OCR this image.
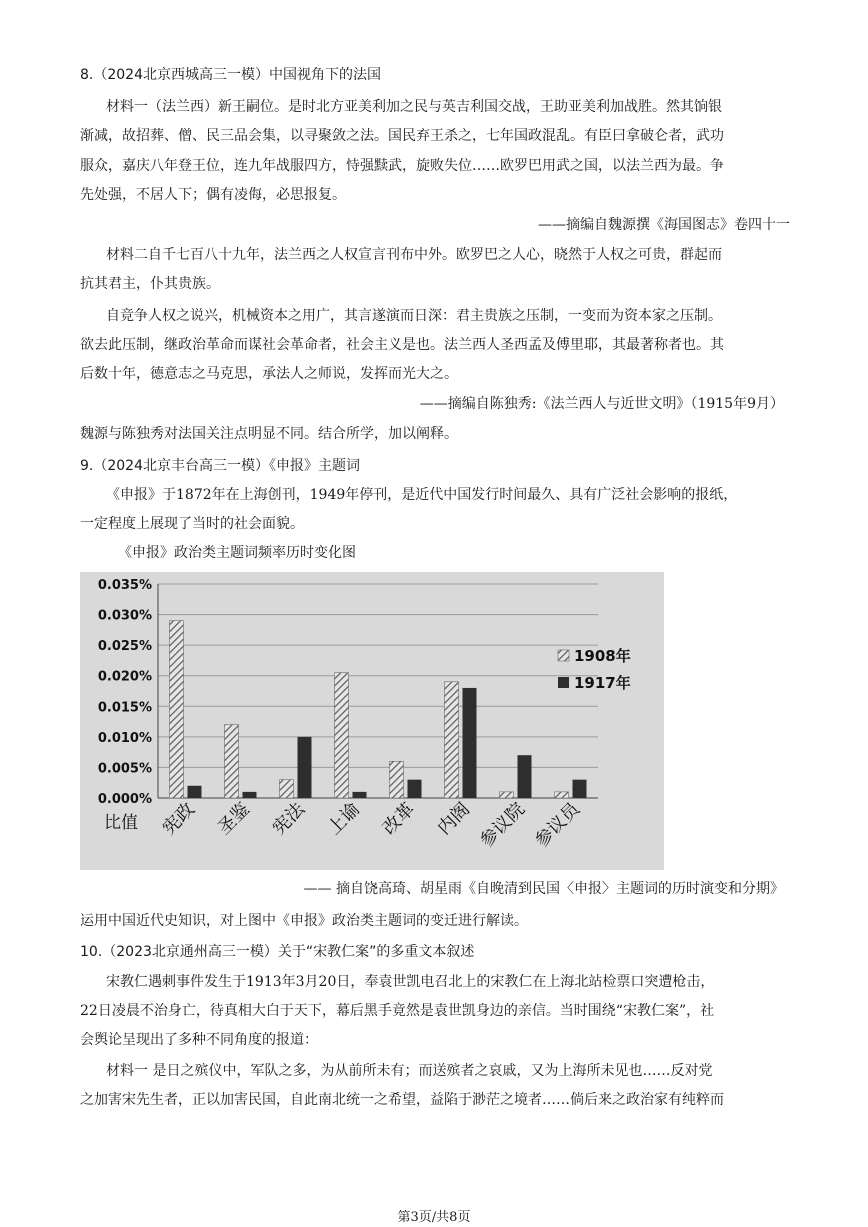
8.（2024北京西城高三一模）中国视角下的法国
材料一（法兰西）新王嗣位。是时北方亚美利加之民与英吉利国交战，王助亚美利加战胜。然其饷银
渐减，故招葬、僧、民三品会集，以寻聚敛之法。国民弃王杀之，七年国政混乱。有臣曰拿破仑者，武功
服众，嘉庆八年登王位，连九年战服四方，恃强黩武，旋败失位……欧罗巴用武之国，以法兰西为最。争
先处强，不居人下；偶有凌侮，必思报复。
——摘编自魏源撰《海国图志》卷四十一
材料二自千七百八十九年，法兰西之人权宣言刊布中外。欧罗巴之人心，晓然于人权之可贵，群起而
抗其君主，仆其贵族。
自竞争人权之说兴，机械资本之用广，其言遂演而日深：君主贵族之压制，一变而为资本家之压制。
欲去此压制，继政治革命而谋社会革命者，社会主义是也。法兰西人圣西孟及傅里耶，其最著称者也。其
后数十年，德意志之马克思，承法人之师说，发挥而光大之。
——摘编自陈独秀:《法兰西人与近世文明》（1915年9月）
魏源与陈独秀对法国关注点明显不同。结合所学，加以阐释。
9.（2024北京丰台高三一模）《申报》主题词
《申报》于1872年在上海创刊，1949年停刊，是近代中国发行时间最久、具有广泛社会影响的报纸，
一定程度上展现了当时的社会面貌。
《申报》政治类主题词频率历时变化图
0.000%
0.005%
0.010%
0.015%
0.020%
0.025%
0.030%
0.035%
宪政 圣鉴 宪法 上谕 改革 内阁 参议院 参议员
1908年
1917年
比值
—— 摘自饶高琦、胡星雨《自晚清到民国〈申报〉主题词的历时演变和分期》
运用中国近代史知识，对上图中《申报》政治类主题词的变迁进行解读。
10.（2023北京通州高三一模）关于“宋教仁案”的多重文本叙述
宋教仁遇刺事件发生于1913年3月20日，奉袁世凯电召北上的宋教仁在上海北站检票口突遭枪击，
22日凌晨不治身亡，待真相大白于天下，幕后黑手竟然是袁世凯身边的亲信。当时围绕“宋教仁案”，社
会舆论呈现出了多种不同角度的报道：
材料一 是日之殡仪中，军队之多，为从前所未有；而送殡者之哀戚，又为上海所未见也……反对党
之加害宋先生者，正以加害民国，自此南北统一之希望，益陷于渺茫之境者……倘后来之政治家有纯粹而
第3页/共8页
